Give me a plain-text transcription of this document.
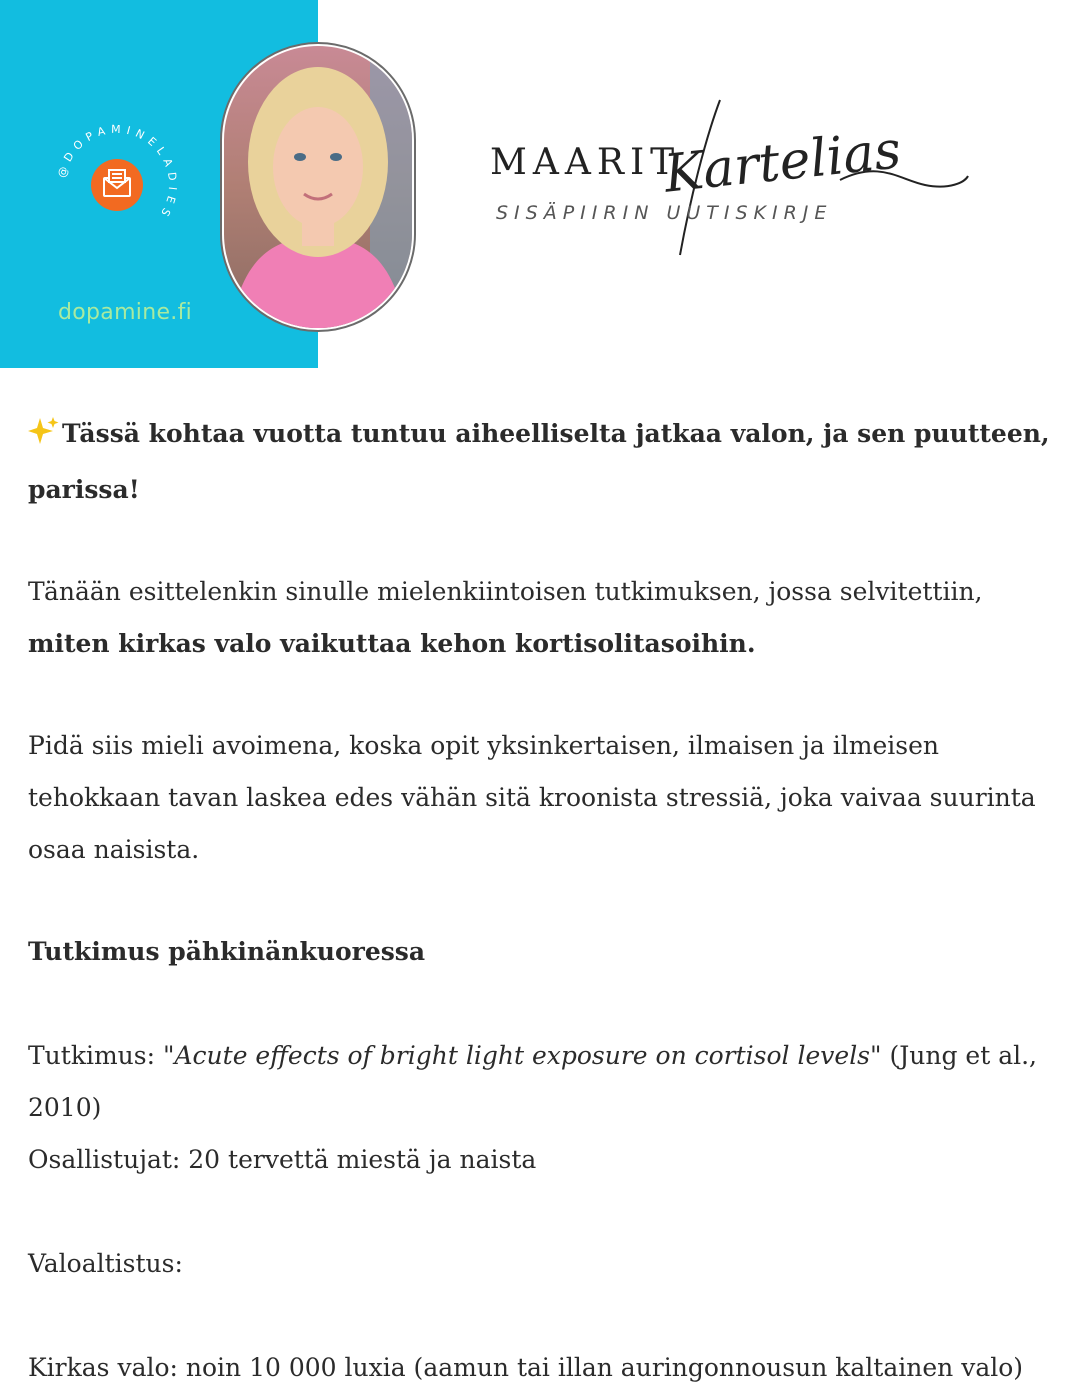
@DOPAMINELADIES
dopamine.fi
MAARIT
Kartelias
SISÄPIIRIN UUTISKIRJE

Tässä kohtaa vuotta tuntuu aiheelliselta jatkaa valon, ja sen puutteen, parissa!

Tänään esittelenkin sinulle mielenkiintoisen tutkimuksen, jossa selvitettiin, miten kirkas valo vaikuttaa kehon kortisolitasoihin.

Pidä siis mieli avoimena, koska opit yksinkertaisen, ilmaisen ja ilmeisen tehokkaan tavan laskea edes vähän sitä kroonista stressiä, joka vaivaa suurinta osaa naisista.

Tutkimus pähkinänkuoressa

Tutkimus: "Acute effects of bright light exposure on cortisol levels" (Jung et al., 2010)

Osallistujat: 20 tervettä miestä ja naista

Valoaltistus:

Kirkas valo: noin 10 000 luxia (aamun tai illan auringonnousun kaltainen valo)
